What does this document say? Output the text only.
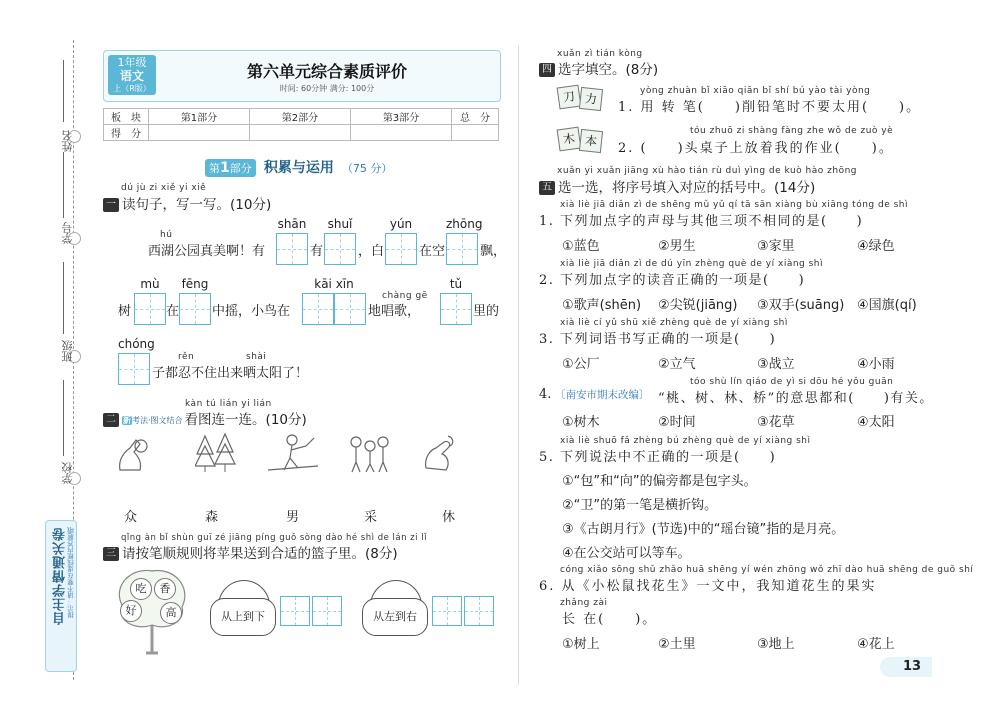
姓名
学号
班级
学校
自主学情通关卷 提示：请不要在虚线框内答题哦
1年级
语文
上（R版）
第六单元综合素质评价
时间: 60分钟 满分: 100分
板　块	第1部分	第2部分	第3部分	总　分
得　分				
第1部分 积累与运用 （75 分）
dú jù zi xiě yi xiě
一 读句子，写一写。(10分)
hú
西湖公园真美啊！有
shān
有
shuǐ
，白
yún
在空
zhōng
飘，
树
mù
在
fēng
中摇，小鸟在
kāi xīn
chàng gē
地唱歌，
tǔ
里的
chóng
rěn	shài
子都忍不住出来晒太阳了！
kàn tú lián yi lián
二 新考法·图文结合 看图连一连。(10分)
众	森	男	采	休
qǐng àn bǐ shùn guī zé jiāng píng guǒ sòng dào hé shì de lán zi lǐ
三 请按笔顺规则将苹果送到合适的篮子里。(8分)
吃	香
好	高	从上到下	从左到右
xuǎn zì tián kòng
四 选字填空。(8分)
刀 力
yòng zhuàn bǐ xiāo qiān bǐ shí bú yào tài yòng
1. 用 转 笔(　　)削铅笔时不要太用(　　)。
木 本
tóu zhuō zi shàng fàng zhe wǒ de zuò yè
2. (　　)头桌子上放着我的作业(　　)。
xuǎn yi xuǎn jiāng xù hào tián rù duì yìng de kuò hào zhōng
五 选一选，将序号填入对应的括号中。(14分)
xià liè jiā diǎn zì de shēng mǔ yǔ qí tā sān xiàng bù xiāng tóng de shì
1. 下列加点字的声母与其他三项不相同的是(　　)
①蓝色	②男生	③家里	④绿色
xià liè jiā diǎn zì de dú yīn zhèng què de yí xiàng shì
2. 下列加点字的读音正确的一项是(　　)
①歌声(shēn) ②尖锐(jiāng) ③双手(suāng) ④国旗(qí)
xià liè cí yǔ shū xiě zhèng què de yí xiàng shì
3. 下列词语书写正确的一项是(　　)
①公厂	②立气	③战立	④小雨
tóo shù lín qiáo de yì si dōu hé yǒu guān
4. 〔南安市期末改编〕 “桃、树、林、桥”的意思都和(　　)有关。
①树木	②时间	③花草	④太阳
xià liè shuō fǎ zhèng bú zhèng què de yí xiàng shì
5. 下列说法中不正确的一项是(　　)
①“包”和“向”的偏旁都是包字头。
②“卫”的第一笔是横折钩。
③《古朗月行》(节选)中的“瑶台镜”指的是月亮。
④在公交站可以等车。
cóng xiǎo sōng shǔ zhǎo huā shēng yí wén zhōng wǒ zhī dào huā shēng de guǒ shí
6. 从《小松鼠找花生》一文中，我知道花生的果实
zhǎng zài
长 在(　　)。
①树上	②土里	③地上	④花上
13
